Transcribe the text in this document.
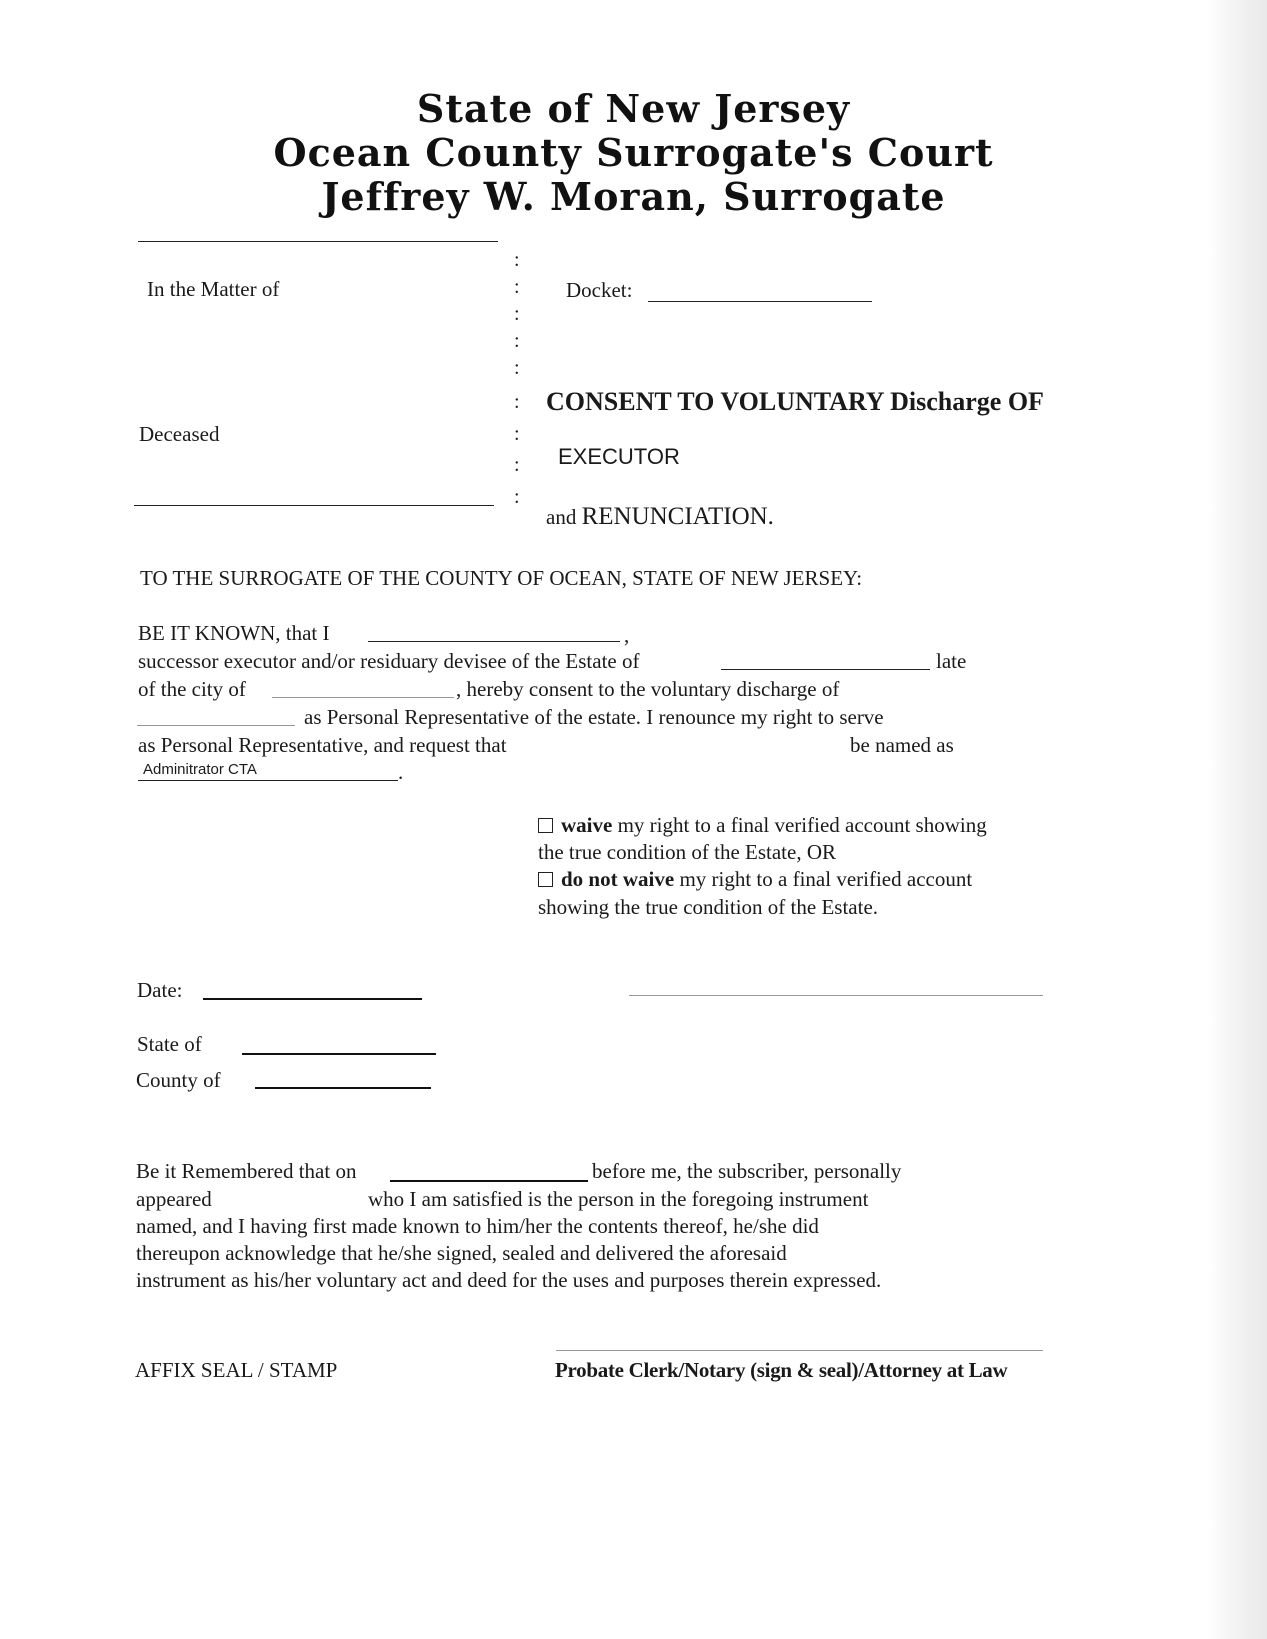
State of New Jersey
Ocean County Surrogate's Court
Jeffrey W. Moran, Surrogate
In the Matter of
Deceased
:
:
:
:
:
:
:
:
:
Docket:
CONSENT TO VOLUNTARY Discharge OF
EXECUTOR
and RENUNCIATION.
TO THE SURROGATE OF THE COUNTY OF OCEAN, STATE OF NEW JERSEY:
BE IT KNOWN, that I	,
successor executor and/or residuary devisee of the Estate of	late
of the city of	, hereby consent to the voluntary discharge of
as Personal Representative of the estate. I renounce my right to serve
as Personal Representative, and request that	be named as
Adminitrator CTA	.
waive my right to a final verified account showing
the true condition of the Estate, OR
do not waive my right to a final verified account
showing the true condition of the Estate.
Date:
State of
County of
Be it Remembered that on	before me, the subscriber, personally
appeared	who I am satisfied is the person in the foregoing instrument
named, and I having first made known to him/her the contents thereof, he/she did
thereupon acknowledge that he/she signed, sealed and delivered the aforesaid
instrument as his/her voluntary act and deed for the uses and purposes therein expressed.
AFFIX SEAL / STAMP	Probate Clerk/Notary (sign & seal)/Attorney at Law
